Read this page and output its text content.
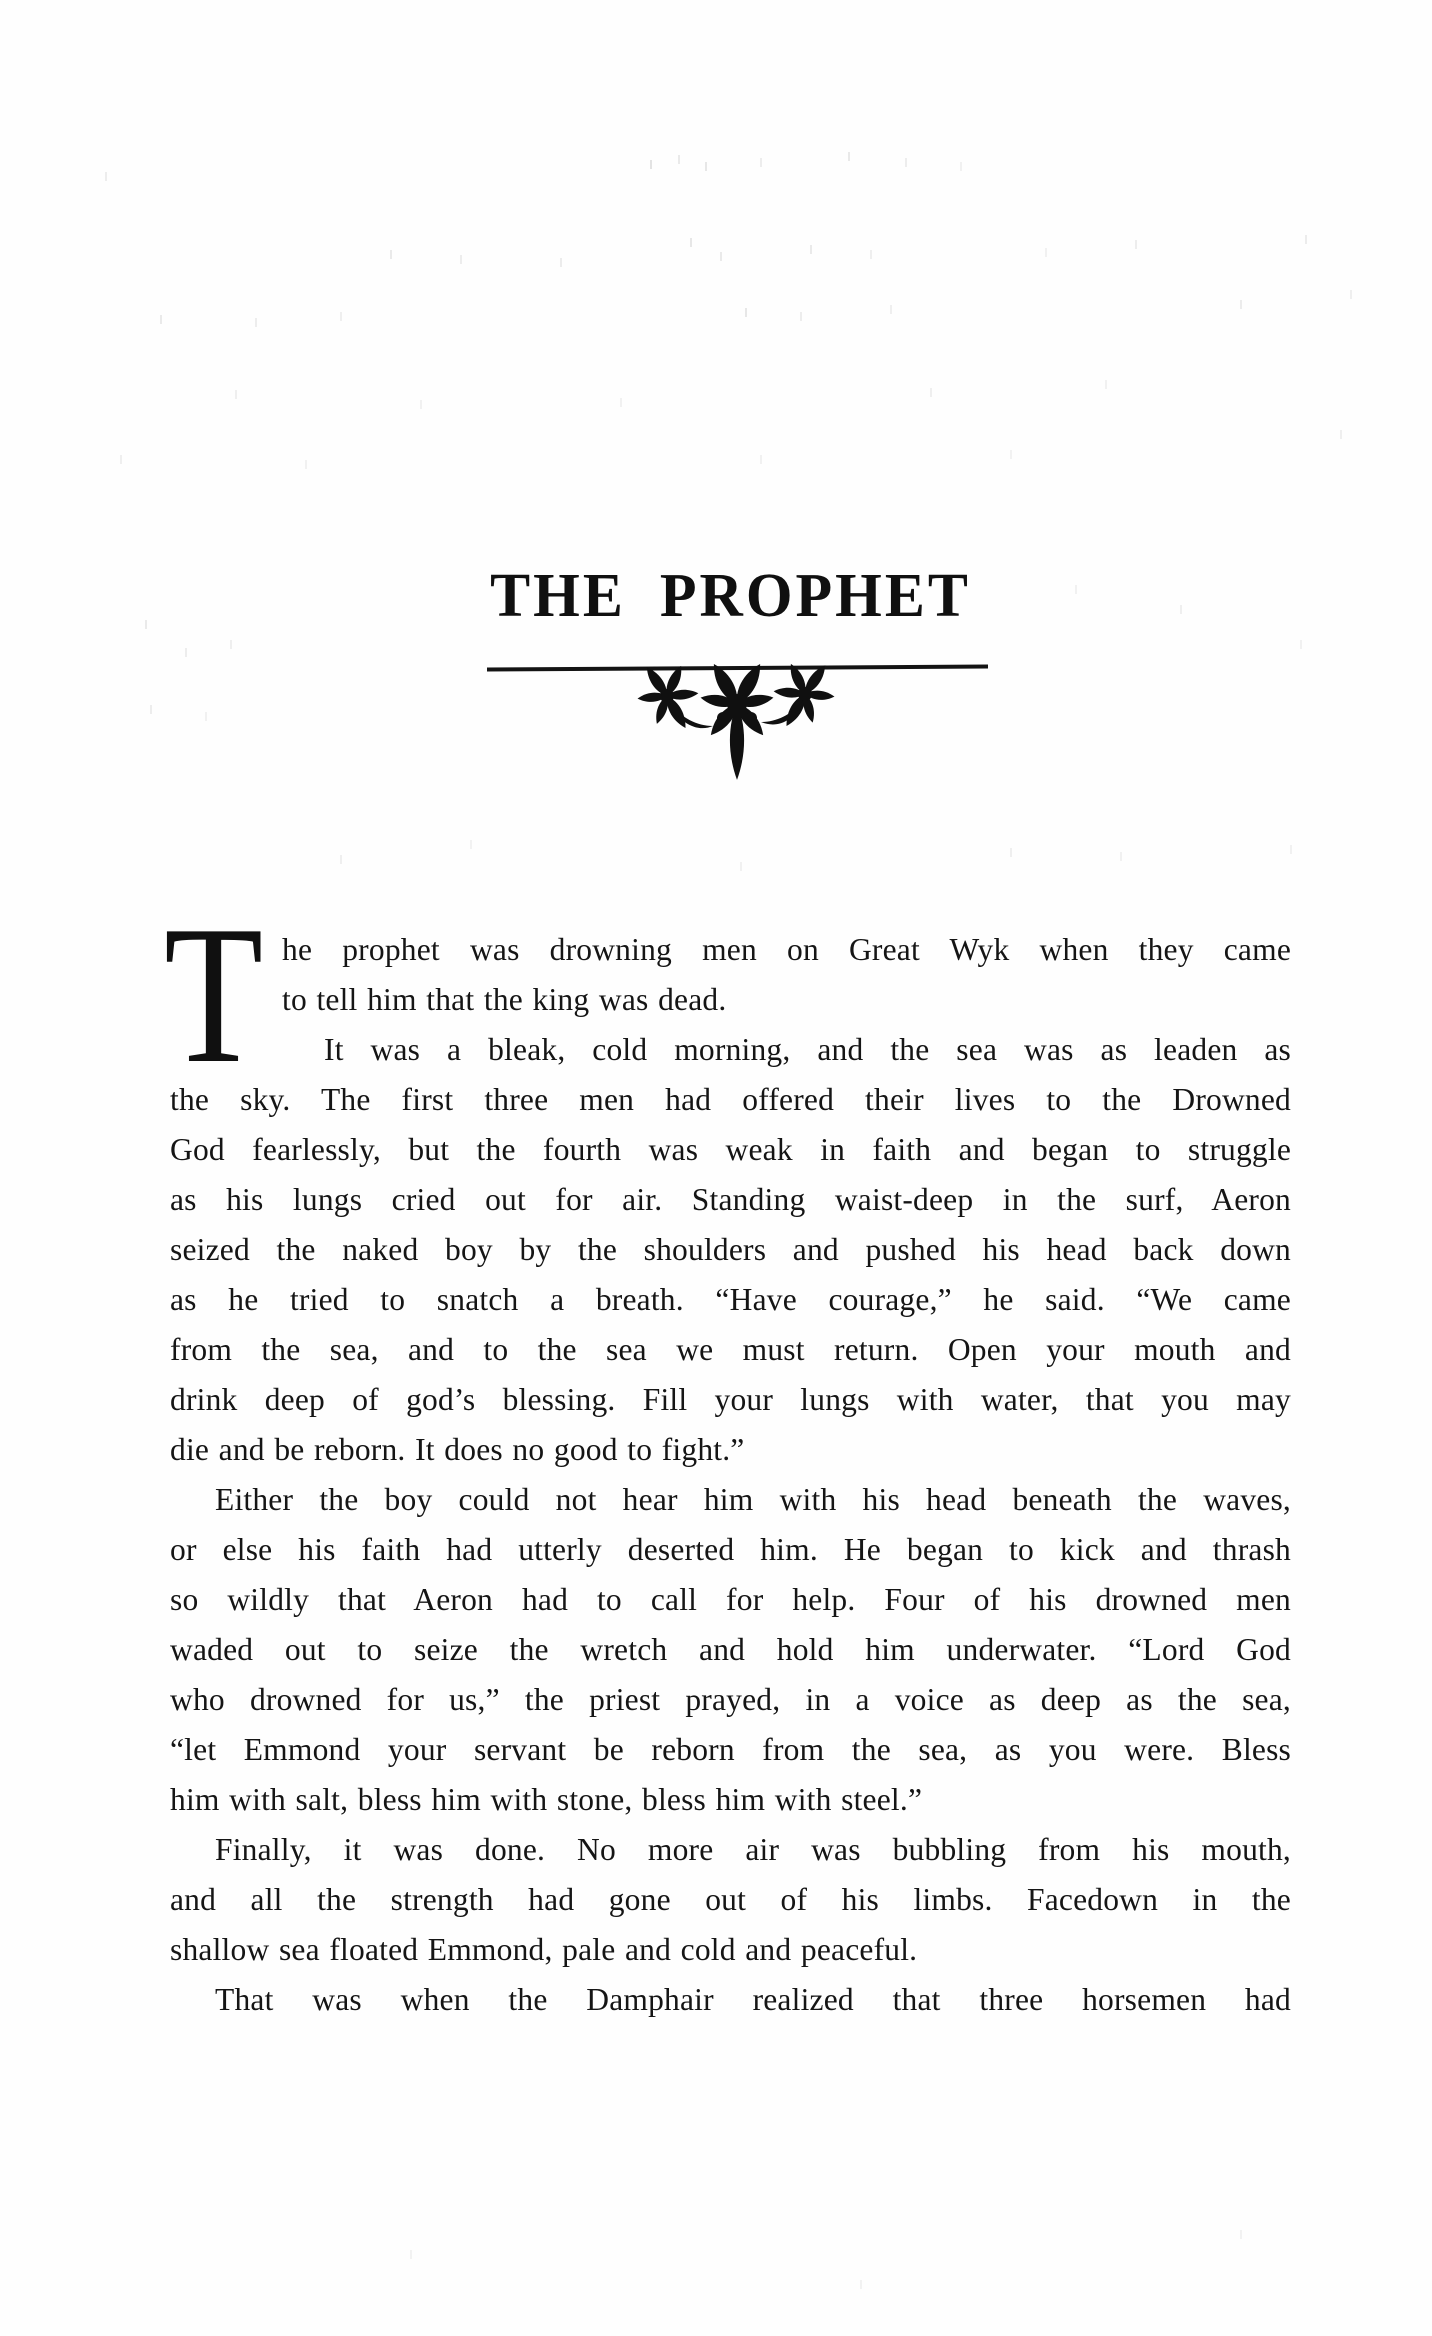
THE PROPHET

T he prophet was drowning men on Great Wyk when they came
to tell him that the king was dead.
It was a bleak, cold morning, and the sea was as leaden as
the sky. The first three men had offered their lives to the Drowned
God fearlessly, but the fourth was weak in faith and began to struggle
as his lungs cried out for air. Standing waist-deep in the surf, Aeron
seized the naked boy by the shoulders and pushed his head back down
as he tried to snatch a breath. “Have courage,” he said. “We came
from the sea, and to the sea we must return. Open your mouth and
drink deep of god’s blessing. Fill your lungs with water, that you may
die and be reborn. It does no good to fight.”
Either the boy could not hear him with his head beneath the waves,
or else his faith had utterly deserted him. He began to kick and thrash
so wildly that Aeron had to call for help. Four of his drowned men
waded out to seize the wretch and hold him underwater. “Lord God
who drowned for us,” the priest prayed, in a voice as deep as the sea,
“let Emmond your servant be reborn from the sea, as you were. Bless
him with salt, bless him with stone, bless him with steel.”
Finally, it was done. No more air was bubbling from his mouth,
and all the strength had gone out of his limbs. Facedown in the
shallow sea floated Emmond, pale and cold and peaceful.
That was when the Damphair realized that three horsemen had
